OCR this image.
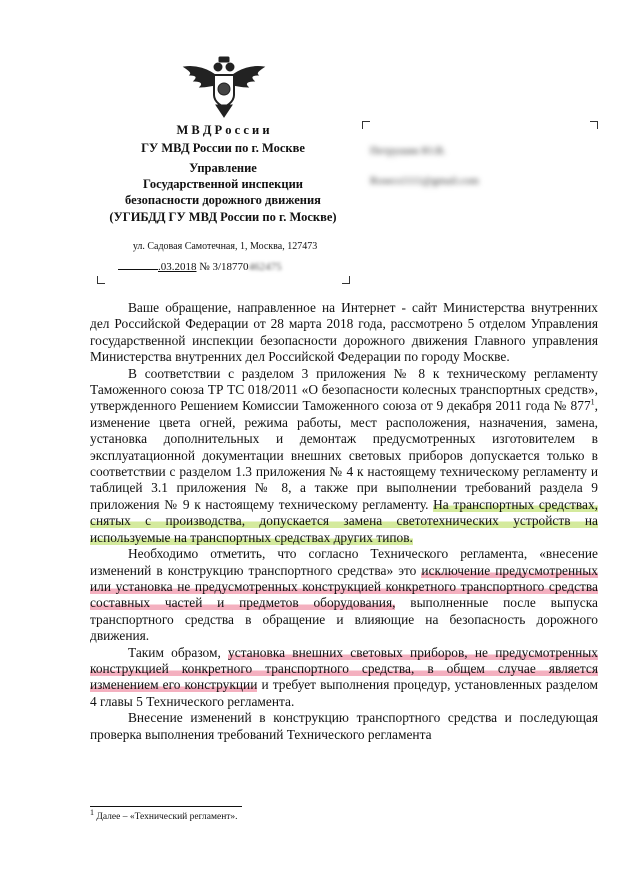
М В Д Р о с с и и
ГУ МВД России по г. Москве
Управление
Государственной инспекции
безопасности дорожного движения
(УГИБДД ГУ МВД России по г. Москве)
ул. Садовая Самотечная, 1, Москва, 127473
.03.2018 № 3/18770462475
Петрушин Ю.В.
Rosecs1111@gmail.com

Ваше обращение, направленное на Интернет - сайт Министерства внутренних дел Российской Федерации от 28 марта 2018 года, рассмотрено 5 отделом Управления государственной инспекции безопасности дорожного движения Главного управления Министерства внутренних дел Российской Федерации по городу Москве.

В соответствии с разделом 3 приложения № 8 к техническому регламенту Таможенного союза ТР ТС 018/2011 «О безопасности колесных транспортных средств», утвержденного Решением Комиссии Таможенного союза от 9 декабря 2011 года № $877^1$, изменение цвета огней, режима работы, мест расположения, назначения, замена, установка дополнительных и демонтаж предусмотренных изготовителем в эксплуатационной документации внешних световых приборов допускается только в соответствии с разделом 1.3 приложения № 4 к настоящему техническому регламенту и таблицей 3.1 приложения № 8, а также при выполнении требований раздела 9 приложения № 9 к настоящему техническому регламенту. На транспортных средствах, снятых с производства, допускается замена светотехнических устройств на используемые на транспортных средствах других типов.

Необходимо отметить, что согласно Технического регламента, «внесение изменений в конструкцию транспортного средства» это исключение предусмотренных или установка не предусмотренных конструкцией конкретного транспортного средства составных частей и предметов оборудования, выполненные после выпуска транспортного средства в обращение и влияющие на безопасность дорожного движения.

Таким образом, установка внешних световых приборов, не предусмотренных конструкцией конкретного транспортного средства, в общем случае является изменением его конструкции и требует выполнения процедур, установленных разделом 4 главы 5 Технического регламента.

Внесение изменений в конструкцию транспортного средства и последующая проверка выполнения требований Технического регламента

$^1$ Далее – «Технический регламент».
